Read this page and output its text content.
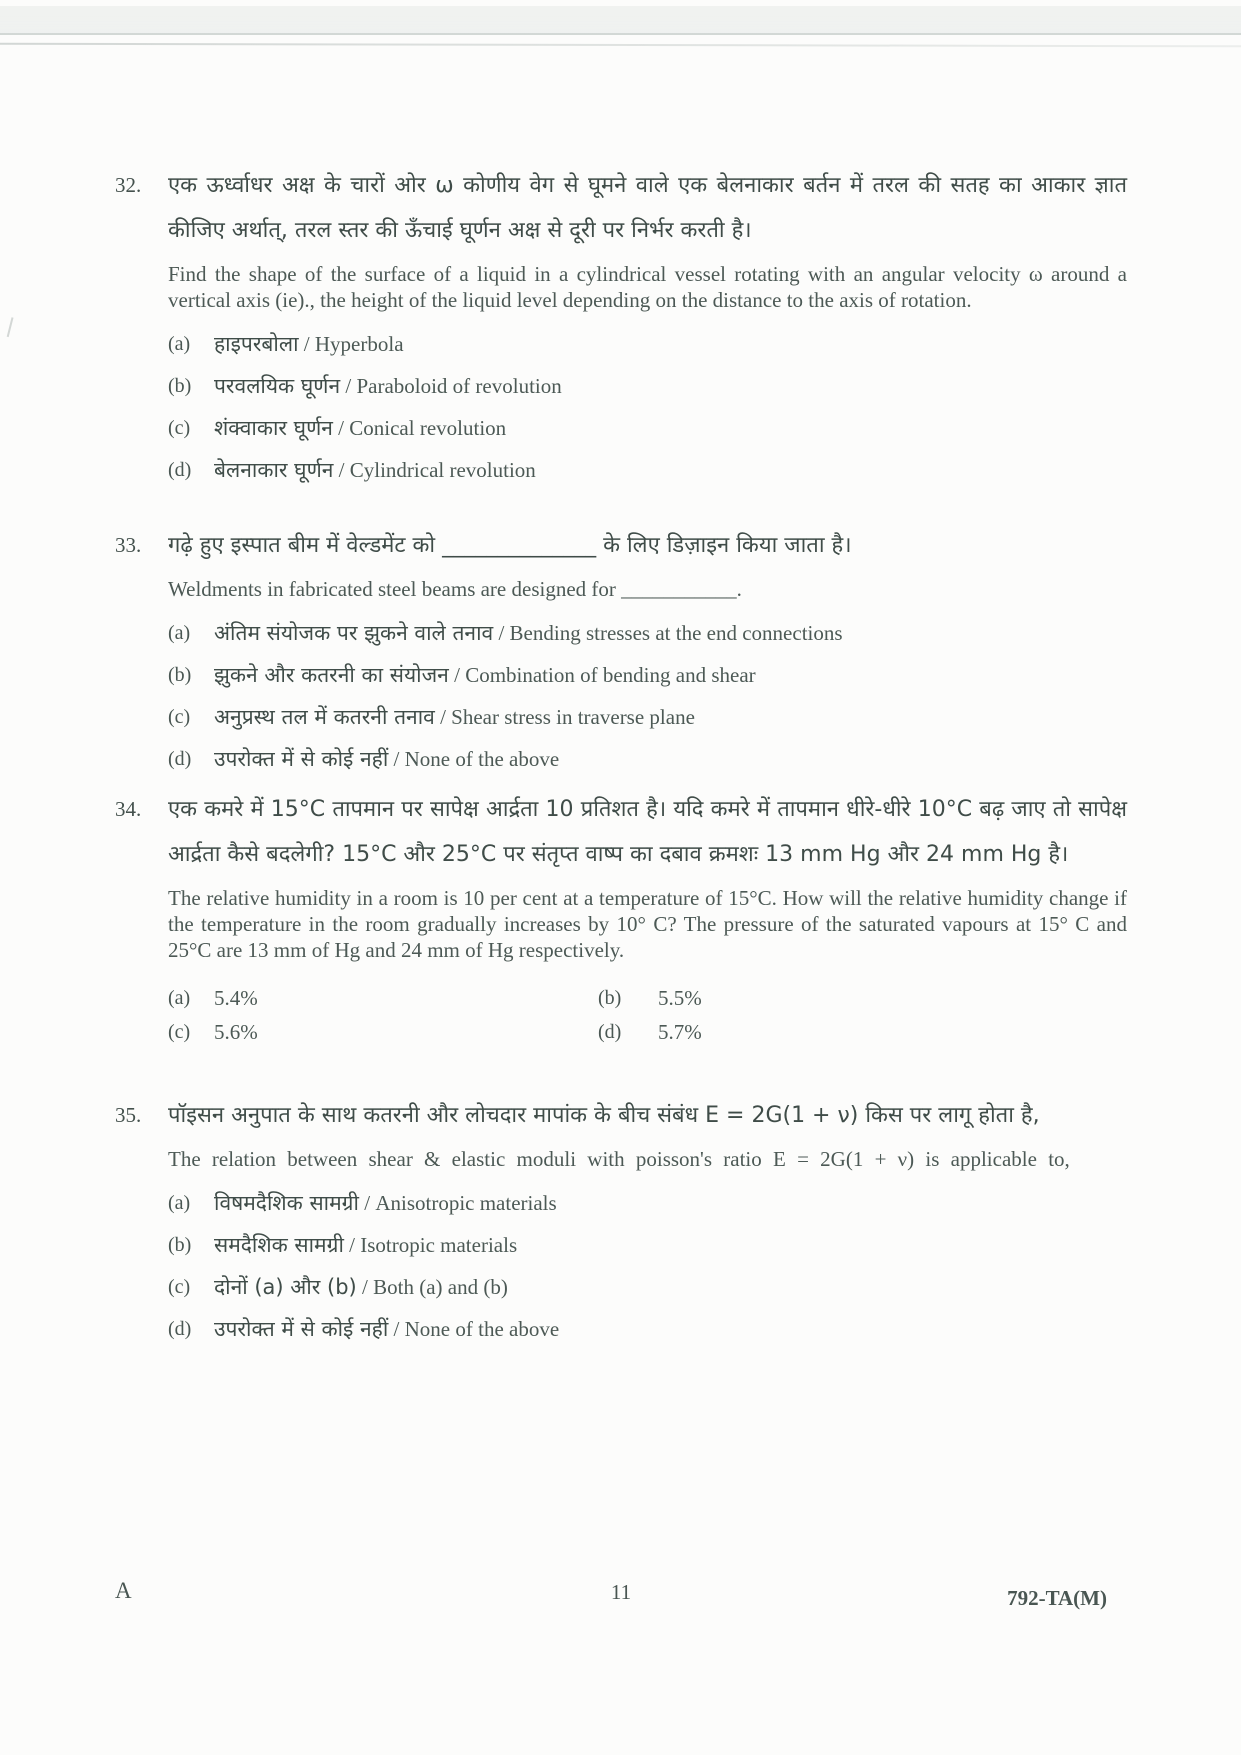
32.	एक ऊर्ध्वाधर अक्ष के चारों ओर ω कोणीय वेग से घूमने वाले एक बेलनाकार बर्तन में तरल की सतह का आकार ज्ञात कीजिए अर्थात्, तरल स्तर की ऊँचाई घूर्णन अक्ष से दूरी पर निर्भर करती है।
Find the shape of the surface of a liquid in a cylindrical vessel rotating with an angular velocity ω around a vertical axis (ie)., the height of the liquid level depending on the distance to the axis of rotation.
(a)	हाइपरबोला / Hyperbola
(b)	परवलयिक घूर्णन / Paraboloid of revolution
(c)	शंक्वाकार घूर्णन / Conical revolution
(d)	बेलनाकार घूर्णन / Cylindrical revolution
33.	गढ़े हुए इस्पात बीम में वेल्डमेंट को ______________ के लिए डिज़ाइन किया जाता है।
Weldments in fabricated steel beams are designed for ___________.
(a)	अंतिम संयोजक पर झुकने वाले तनाव / Bending stresses at the end connections
(b)	झुकने और कतरनी का संयोजन / Combination of bending and shear
(c)	अनुप्रस्थ तल में कतरनी तनाव / Shear stress in traverse plane
(d)	उपरोक्त में से कोई नहीं / None of the above
34.	एक कमरे में 15°C तापमान पर सापेक्ष आर्द्रता 10 प्रतिशत है। यदि कमरे में तापमान धीरे-धीरे 10°C बढ़ जाए तो सापेक्ष आर्द्रता कैसे बदलेगी? 15°C और 25°C पर संतृप्त वाष्प का दबाव क्रमशः 13 mm Hg और 24 mm Hg है।
The relative humidity in a room is 10 per cent at a temperature of 15°C. How will the relative humidity change if the temperature in the room gradually increases by 10° C? The pressure of the saturated vapours at 15° C and 25°C are 13 mm of Hg and 24 mm of Hg respectively.
(a)	5.4%	(b)	5.5%
(c)	5.6%	(d)	5.7%
35.	पॉइसन अनुपात के साथ कतरनी और लोचदार मापांक के बीच संबंध E = 2G(1 + ν) किस पर लागू होता है,
The relation between shear & elastic moduli with poisson's ratio E = 2G(1 + ν) is applicable to,
(a)	विषमदैशिक सामग्री / Anisotropic materials
(b)	समदैशिक सामग्री / Isotropic materials
(c)	दोनों (a) और (b) / Both (a) and (b)
(d)	उपरोक्त में से कोई नहीं / None of the above
A	11	792-TA(M)
